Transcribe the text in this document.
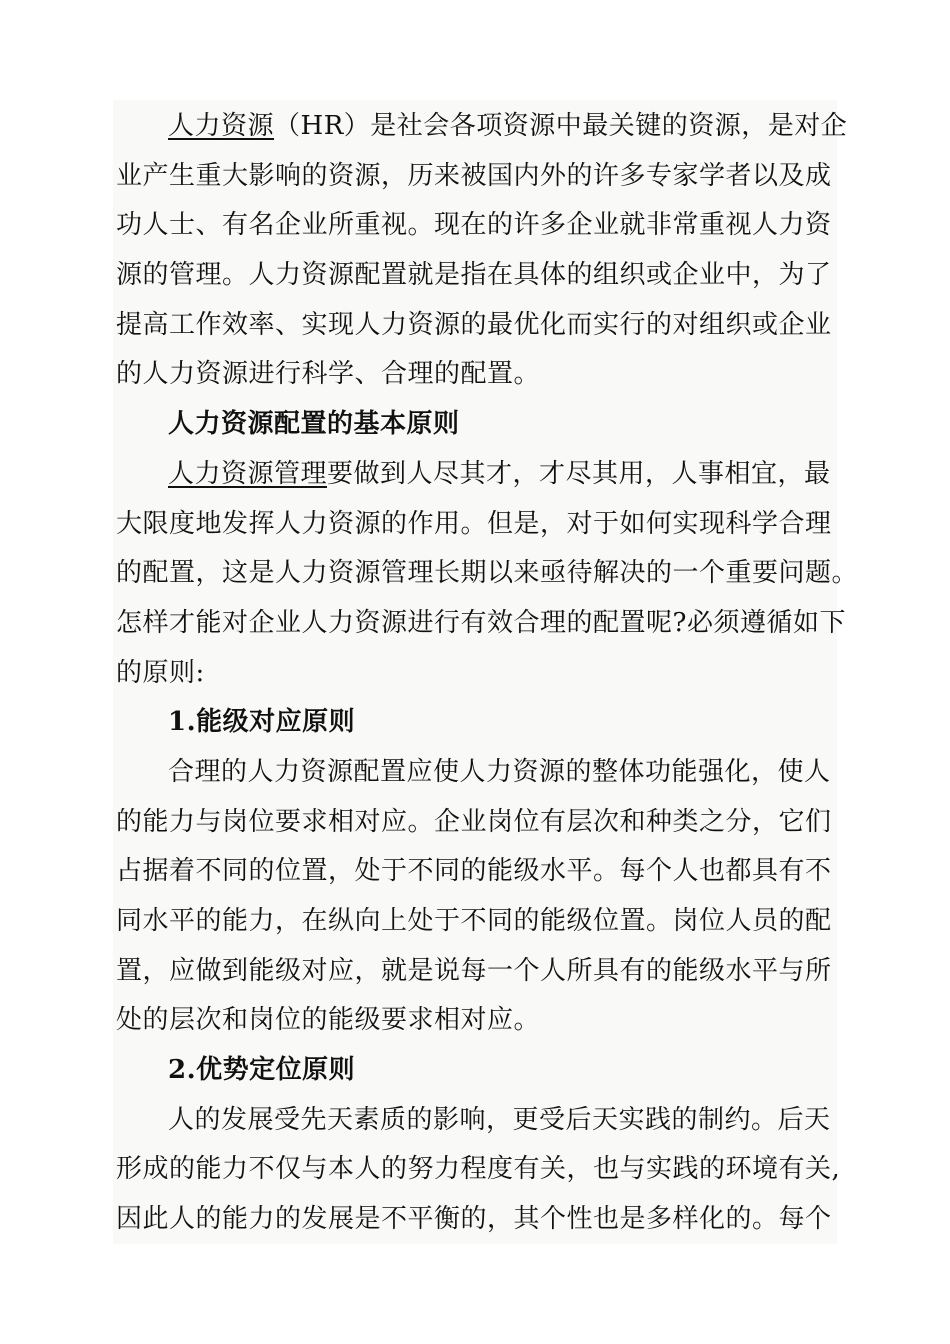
人力资源（HR）是社会各项资源中最关键的资源，是对企

业产生重大影响的资源，历来被国内外的许多专家学者以及成

功人士、有名企业所重视。现在的许多企业就非常重视人力资

源的管理。人力资源配置就是指在具体的组织或企业中，为了

提高工作效率、实现人力资源的最优化而实行的对组织或企业

的人力资源进行科学、合理的配置。

人力资源配置的基本原则

人力资源管理要做到人尽其才，才尽其用，人事相宜，最

大限度地发挥人力资源的作用。但是，对于如何实现科学合理

的配置，这是人力资源管理长期以来亟待解决的一个重要问题。

怎样才能对企业人力资源进行有效合理的配置呢?必须遵循如下

的原则:

1.能级对应原则

合理的人力资源配置应使人力资源的整体功能强化，使人

的能力与岗位要求相对应。企业岗位有层次和种类之分，它们

占据着不同的位置，处于不同的能级水平。每个人也都具有不

同水平的能力，在纵向上处于不同的能级位置。岗位人员的配

置，应做到能级对应，就是说每一个人所具有的能级水平与所

处的层次和岗位的能级要求相对应。

2.优势定位原则

人的发展受先天素质的影响，更受后天实践的制约。后天

形成的能力不仅与本人的努力程度有关，也与实践的环境有关,

因此人的能力的发展是不平衡的，其个性也是多样化的。每个
